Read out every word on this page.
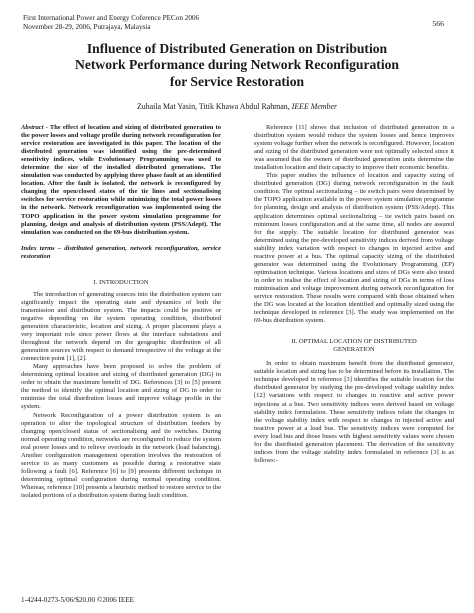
First International Power and Energy Coference PECon 2006
November 28-29, 2006, Putrajaya, Malaysia	566
Influence of Distributed Generation on Distribution
Network Performance during Network Reconfiguration
for Service Restoration
Zuhaila Mat Yasin, Titik Khawa Abdul Rahman, IEEE Member

Abstract - The effect of location and sizing of distributed generation to the power losses and voltage profile during network reconfiguration for service restoration are investigated in this paper. The location of the distributed generation was identified using the pre-determined sensitivity indices, while Evolutionary Programming was used to determine the size of the installed distributed generations. The simulation was conducted by applying three phase fault at an identified location. After the fault is isolated, the network is reconfigured by changing the open/closed states of the tie lines and sectionalising switches for service restoration while minimizing the total power losses in the network. Network reconfiguration was implemented using the TOPO application in the power system simulation programme for planning, design and analysis of distribution system (PSS/Adept). The simulation was conducted on the 69-bus distribution system.

Index terms – distributed generation, network reconfiguration, service restoration

I. INTRODUCTION

The introduction of generating sources into the distribution system can significantly impact the operating state and dynamics of both the transmission and distribution system. The impacts could be positive or negative depending on the system operating condition, distributed generation characteristic, location and sizing. A proper placement plays a very important role since power flows at the interface substations and throughout the network depend on the geographic distribution of all generation sources with respect to demand irrespective of the voltage at the connection point [1], [2].

Many approaches have been proposed to solve the problem of determining optimal location and sizing of distributed generation (DG) in order to obtain the maximum benefit of DG. References [3] to [5] present the method to identify the optimal location and sizing of DG in order to minimise the total distribution losses and improve voltage profile in the system.

Network Reconfiguration of a power distribution system is an operation to alter the topological structure of distribution feeders by changing open/closed status of sectionalising and tie switches. During normal operating condition, networks are reconfigured to reduce the system real power losses and to relieve overloads in the network (load balancing). Another configuration management operation involves the restoration of service to as many customers as possible during a restorative state following a fault [6]. Reference [6] to [9] presents different technique in determining optimal configuration during normal operating condition. Whereas, reference [10] presents a heuristic method to restore service to the isolated portions of a distribution system during fault condition.

Reference [11] shows that inclusion of distributed generation in a distribution system would reduce the system losses and hence improves system voltage further when the network is reconfigured. However, location and sizing of the distributed generation were not optimally selected since it was assumed that the owners of distributed generation units determine the installation location and their capacity to improve their economic benefits.

This paper studies the influence of location and capacity sizing of distributed generation (DG) during network reconfiguration in the fault condition. The optimal sectionalizing – tie switch pairs were determined by the TOPO application available in the power system simulation programme for planning, design and analysis of distribution system (PSS/Adept). This application determines optimal sectionalizing – tie switch pairs based on minimum losses configuration and at the same time, all nodes are assured for the supply. The suitable location for distributed generator was determined using the pre-developed sensitivity indices derived from voltage stability index variation with respect to changes in injected active and reactive power at a bus. The optimal capacity sizing of the distributed generator was determined using the Evolutionary Programming (EP) optimisation technique. Various locations and sizes of DGs were also tested in order to realise the effect of location and sizing of DGs in terms of loss minimisation and voltage improvement during network reconfiguration for service restoration. These results were compared with those obtained when the DG was located at the location identified and optimally sized using the technique developed in reference [3]. The study was implemented on the 69-bus distribution system.

II. OPTIMAL LOCATION OF DISTRIBUTED
GENERATION

In order to obtain maximum benefit from the distributed generator, suitable location and sizing has to be determined before its installation. The technique developed in reference [3] identifies the suitable location for the distributed generator by studying the pre-developed voltage stability index [12] variations with respect to changes in reactive and active power injections at a bus. Two sensitivity indices were derived based on voltage stability index formulation. These sensitivity indices relate the changes in the voltage stability index with respect to changes in injected active and reactive power at a load bus. The sensitivity indices were computed for every load bus and those buses with highest sensitivity values were chosen for the distributed generation placement. The derivation of the sensitivity indices from the voltage stability index formulated in reference [3] is as follows:-

1-4244-0273-5/06/$20.00 ©2006 IEEE
